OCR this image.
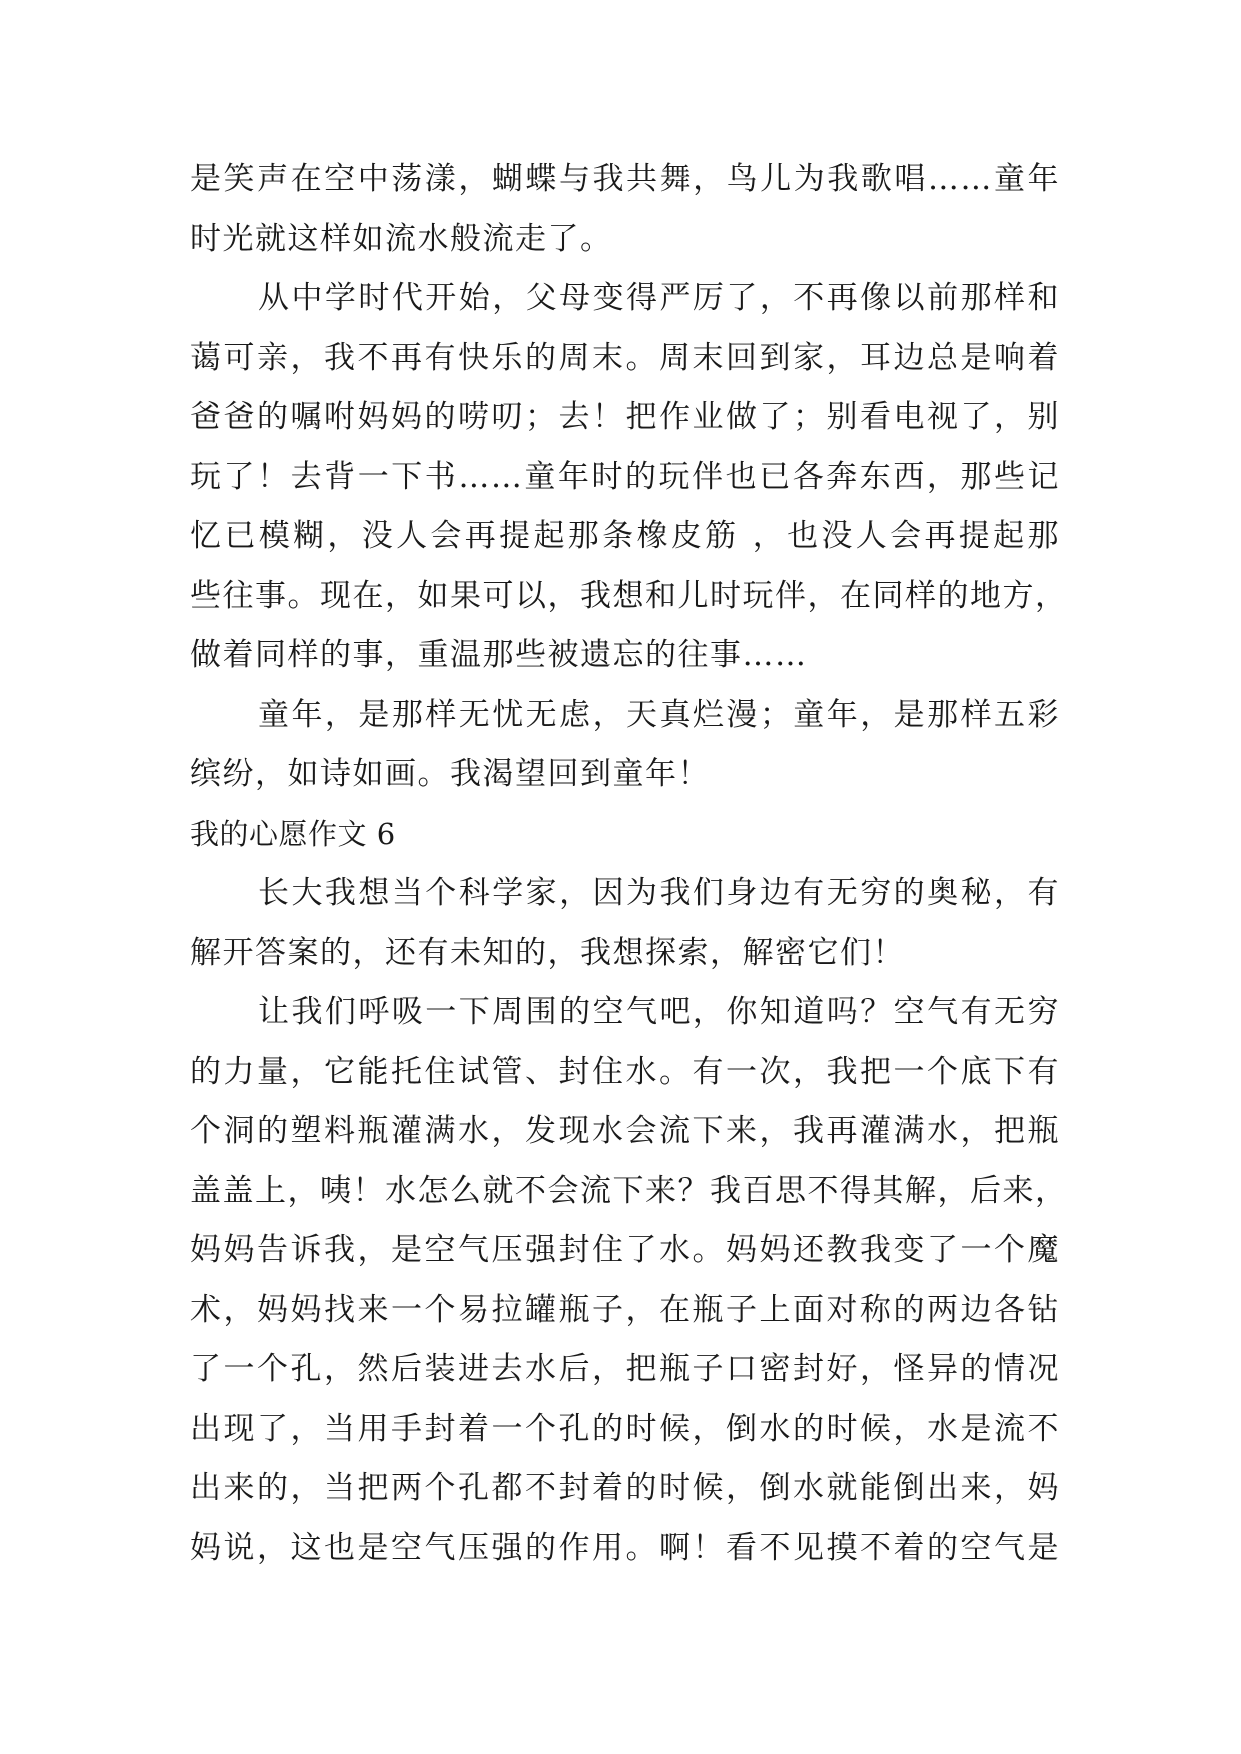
是笑声在空中荡漾，蝴蝶与我共舞，鸟儿为我歌唱……童年
时光就这样如流水般流走了。
从中学时代开始，父母变得严厉了，不再像以前那样和
蔼可亲，我不再有快乐的周末。周末回到家，耳边总是响着
爸爸的嘱咐妈妈的唠叨；去！把作业做了；别看电视了，别
玩了！去背一下书……童年时的玩伴也已各奔东西，那些记
忆已模糊，没人会再提起那条橡皮筋 ，也没人会再提起那
些往事。现在，如果可以，我想和儿时玩伴，在同样的地方，
做着同样的事，重温那些被遗忘的往事……
童年，是那样无忧无虑，天真烂漫；童年，是那样五彩
缤纷，如诗如画。我渴望回到童年！
我的心愿作文 6
长大我想当个科学家，因为我们身边有无穷的奥秘，有
解开答案的，还有未知的，我想探索，解密它们！
让我们呼吸一下周围的空气吧，你知道吗？空气有无穷
的力量，它能托住试管、封住水。有一次，我把一个底下有
个洞的塑料瓶灌满水，发现水会流下来，我再灌满水，把瓶
盖盖上，咦！水怎么就不会流下来？我百思不得其解，后来，
妈妈告诉我，是空气压强封住了水。妈妈还教我变了一个魔
术，妈妈找来一个易拉罐瓶子，在瓶子上面对称的两边各钻
了一个孔，然后装进去水后，把瓶子口密封好，怪异的情况
出现了，当用手封着一个孔的时候，倒水的时候，水是流不
出来的，当把两个孔都不封着的时候，倒水就能倒出来，妈
妈说，这也是空气压强的作用。啊！看不见摸不着的空气是
